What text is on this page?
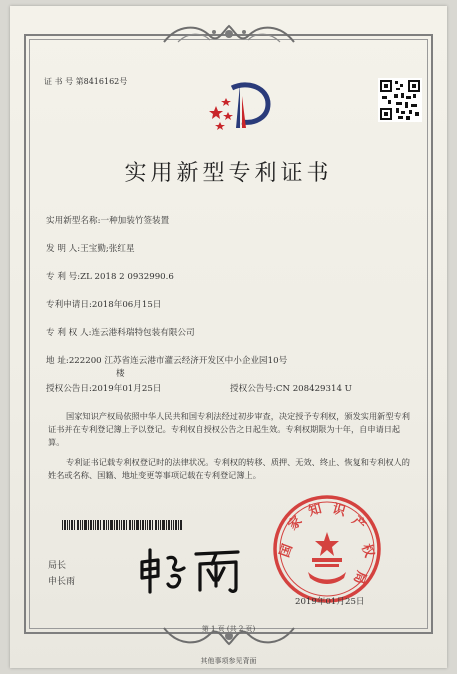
证 书 号 第8416162号
实用新型专利证书
实用新型名称:一种加装竹签装置
发 明 人:王宝勤;张红星
专 利 号:ZL 2018 2 0932990.6
专利申请日:2018年06月15日
专 利 权 人:连云港科瑞特包装有限公司
地 址:222200 江苏省连云港市灌云经济开发区中小企业园10号
楼
授权公告日:2019年01月25日	授权公告号:CN 208429314 U
国家知识产权局依照中华人民共和国专利法经过初步审查，决定授予专利权，颁发实用新型专利证书并在专利登记簿上予以登记。专利权自授权公告之日起生效。专利权期限为十年，自申请日起算。
专利证书记载专利权登记时的法律状况。专利权的转移、质押、无效、终止、恢复和专利权人的姓名或名称、国籍、地址变更等事项记载在专利登记簿上。
局长
申长雨
国
家
知 识
产
权
局
2019年01月25日
第 1 页 (共 2 页)
其他事项参见背面
